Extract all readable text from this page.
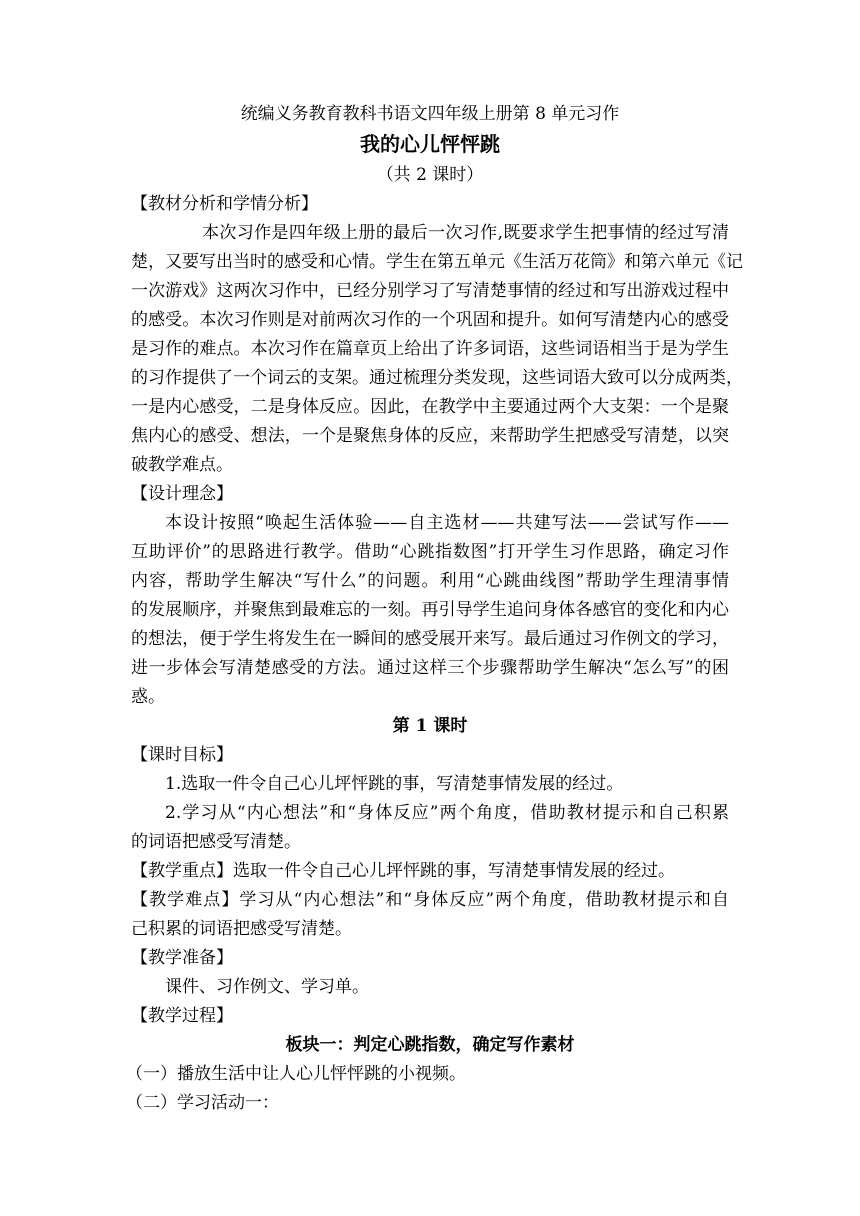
统编义务教育教科书语文四年级上册第 8 单元习作
我的心儿怦怦跳
（共 2 课时）
【教材分析和学情分析】
本次习作是四年级上册的最后一次习作,既要求学生把事情的经过写清
楚，又要写出当时的感受和心情。学生在第五单元《生活万花筒》和第六单元《记
一次游戏》这两次习作中，已经分别学习了写清楚事情的经过和写出游戏过程中
的感受。本次习作则是对前两次习作的一个巩固和提升。如何写清楚内心的感受
是习作的难点。本次习作在篇章页上给出了许多词语，这些词语相当于是为学生
的习作提供了一个词云的支架。通过梳理分类发现，这些词语大致可以分成两类，
一是内心感受，二是身体反应。因此，在教学中主要通过两个大支架：一个是聚
焦内心的感受、想法，一个是聚焦身体的反应，来帮助学生把感受写清楚，以突
破教学难点。
【设计理念】
本设计按照“唤起生活体验——自主选材——共建写法——尝试写作——
互助评价”的思路进行教学。借助“心跳指数图”打开学生习作思路，确定习作
内容，帮助学生解决“写什么”的问题。利用“心跳曲线图”帮助学生理清事情
的发展顺序，并聚焦到最难忘的一刻。再引导学生追问身体各感官的变化和内心
的想法，便于学生将发生在一瞬间的感受展开来写。最后通过习作例文的学习，
进一步体会写清楚感受的方法。通过这样三个步骤帮助学生解决“怎么写”的困
惑。
第 1 课时
【课时目标】
1.选取一件令自己心儿坪怦跳的事，写清楚事情发展的经过。
2.学习从“内心想法”和“身体反应”两个角度，借助教材提示和自己积累
的词语把感受写清楚。
【教学重点】选取一件令自己心儿坪怦跳的事，写清楚事情发展的经过。
【教学难点】学习从“内心想法”和“身体反应”两个角度，借助教材提示和自
己积累的词语把感受写清楚。
【教学准备】
课件、习作例文、学习单。
【教学过程】
板块一：判定心跳指数，确定写作素材
（一）播放生活中让人心儿怦怦跳的小视频。
（二）学习活动一：
